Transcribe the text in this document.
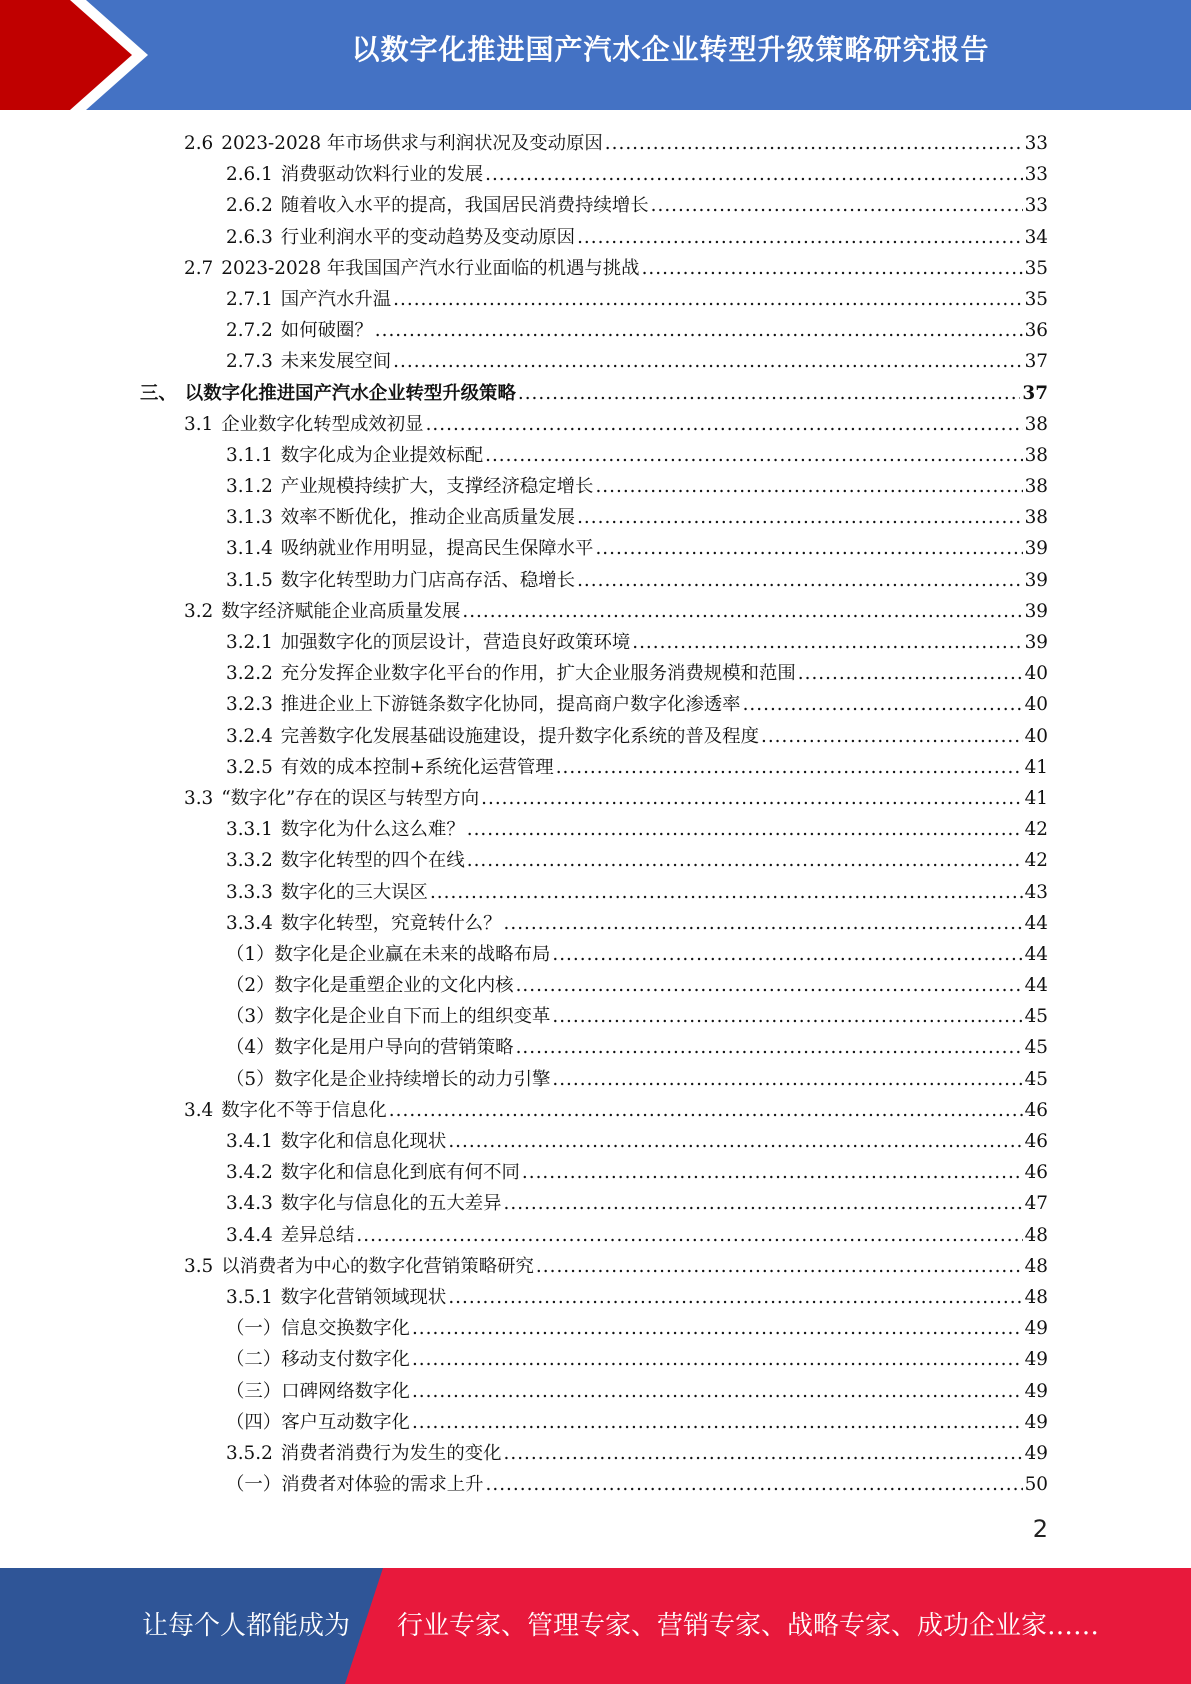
以数字化推进国产汽水企业转型升级策略研究报告
2.6 2023-2028 年市场供求与利润状况及变动原因 .....	33
2.6.1 消费驱动饮料行业的发展 .....	33
2.6.2 随着收入水平的提高，我国居民消费持续增长 .....	33
2.6.3 行业利润水平的变动趋势及变动原因 .....	34
2.7 2023-2028 年我国国产汽水行业面临的机遇与挑战 .....	35
2.7.1 国产汽水升温 .....	35
2.7.2 如何破圈？ .....	36
2.7.3 未来发展空间 .....	37
三、 以数字化推进国产汽水企业转型升级策略 .....	37
3.1 企业数字化转型成效初显 .....	38
3.1.1 数字化成为企业提效标配 .....	38
3.1.2 产业规模持续扩大，支撑经济稳定增长 .....	38
3.1.3 效率不断优化，推动企业高质量发展 .....	38
3.1.4 吸纳就业作用明显，提高民生保障水平 .....	39
3.1.5 数字化转型助力门店高存活、稳增长 .....	39
3.2 数字经济赋能企业高质量发展 .....	39
3.2.1 加强数字化的顶层设计，营造良好政策环境 .....	39
3.2.2 充分发挥企业数字化平台的作用，扩大企业服务消费规模和范围 .....	40
3.2.3 推进企业上下游链条数字化协同，提高商户数字化渗透率 .....	40
3.2.4 完善数字化发展基础设施建设，提升数字化系统的普及程度 .....	40
3.2.5 有效的成本控制+系统化运营管理 .....	41
3.3 “数字化”存在的误区与转型方向 .....	41
3.3.1 数字化为什么这么难？ .....	42
3.3.2 数字化转型的四个在线 .....	42
3.3.3 数字化的三大误区 .....	43
3.3.4 数字化转型，究竟转什么？ .....	44
（1） 数字化是企业赢在未来的战略布局 .....	44
（2） 数字化是重塑企业的文化内核 .....	44
（3） 数字化是企业自下而上的组织变革 .....	45
（4） 数字化是用户导向的营销策略 .....	45
（5） 数字化是企业持续增长的动力引擎 .....	45
3.4 数字化不等于信息化 .....	46
3.4.1 数字化和信息化现状 .....	46
3.4.2 数字化和信息化到底有何不同 .....	46
3.4.3 数字化与信息化的五大差异 .....	47
3.4.4 差异总结 .....	48
3.5 以消费者为中心的数字化营销策略研究 .....	48
3.5.1 数字化营销领域现状 .....	48
（一） 信息交换数字化 .....	49
（二） 移动支付数字化 .....	49
（三） 口碑网络数字化 .....	49
（四） 客户互动数字化 .....	49
3.5.2 消费者消费行为发生的变化 .....	49
（一） 消费者对体验的需求上升 .....	50
2
让每个人都能成为 行业专家、管理专家、营销专家、战略专家、成功企业家……
